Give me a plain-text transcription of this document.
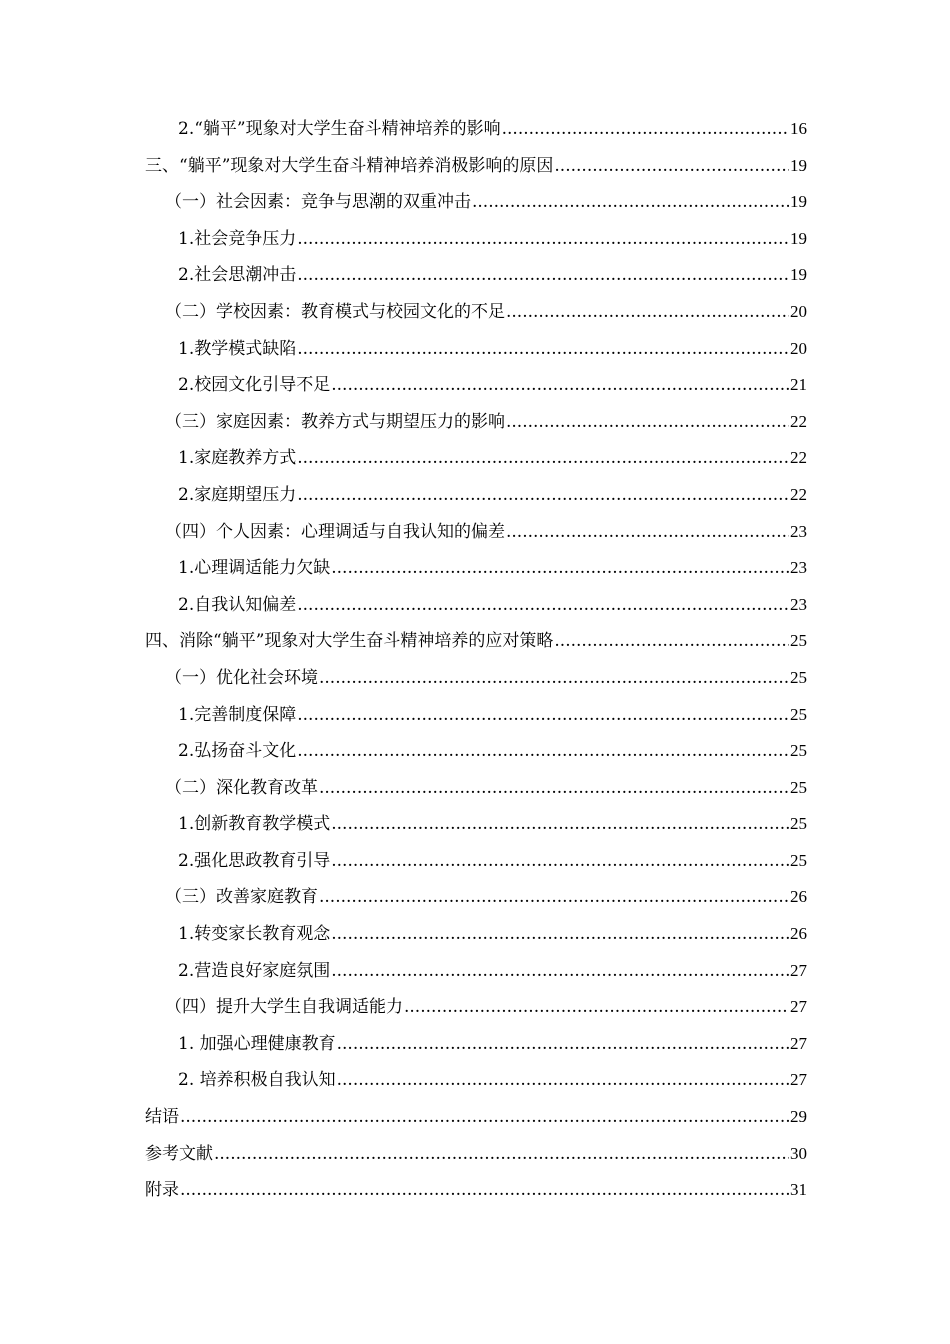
2.“躺平”现象对大学生奋斗精神培养的影响 .....	16
三、“躺平”现象对大学生奋斗精神培养消极影响的原因 .....	19
（一）社会因素：竞争与思潮的双重冲击 .....	19
1.社会竞争压力 .....	19
2.社会思潮冲击 .....	19
（二）学校因素：教育模式与校园文化的不足 .....	20
1.教学模式缺陷 .....	20
2.校园文化引导不足 .....	21
（三）家庭因素：教养方式与期望压力的影响 .....	22
1.家庭教养方式 .....	22
2.家庭期望压力 .....	22
（四）个人因素：心理调适与自我认知的偏差 .....	23
1.心理调适能力欠缺 .....	23
2.自我认知偏差 .....	23
四、消除“躺平”现象对大学生奋斗精神培养的应对策略 .....	25
（一）优化社会环境 .....	25
1.完善制度保障 .....	25
2.弘扬奋斗文化 .....	25
（二）深化教育改革 .....	25
1.创新教育教学模式 .....	25
2.强化思政教育引导 .....	25
（三）改善家庭教育 .....	26
1.转变家长教育观念 .....	26
2.营造良好家庭氛围 .....	27
（四）提升大学生自我调适能力 .....	27
1. 加强心理健康教育 .....	27
2. 培养积极自我认知 .....	27
结语 .....	29
参考文献 .....	30
附录 .....	31
